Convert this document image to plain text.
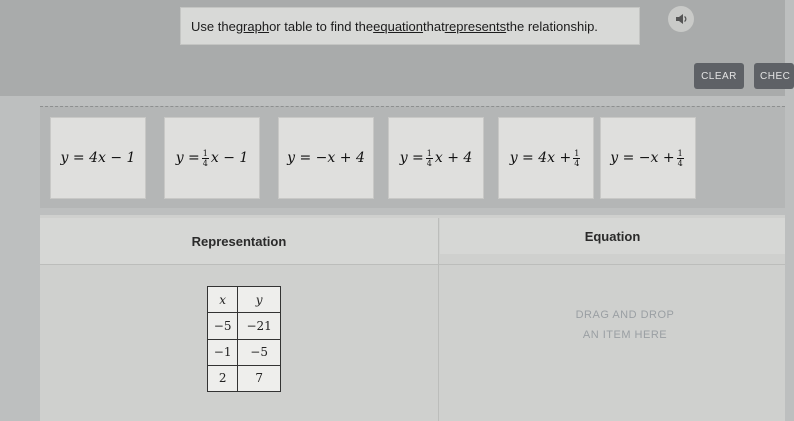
Use the graph or table to find the equation that represents the relationship.
CLEAR	CHEC
y = 4x − 1	$y = \frac{1}{4}$ x − 1	y = −x + 4 $y = \frac{1}{4}$ x + 4	$y = 4x + \frac{1}{4}$ $y = -x + \frac{1}{4}$
Representation	Equation
x	y
−5	−21
−1	−5
2	7
DRAG AND DROP
AN ITEM HERE
